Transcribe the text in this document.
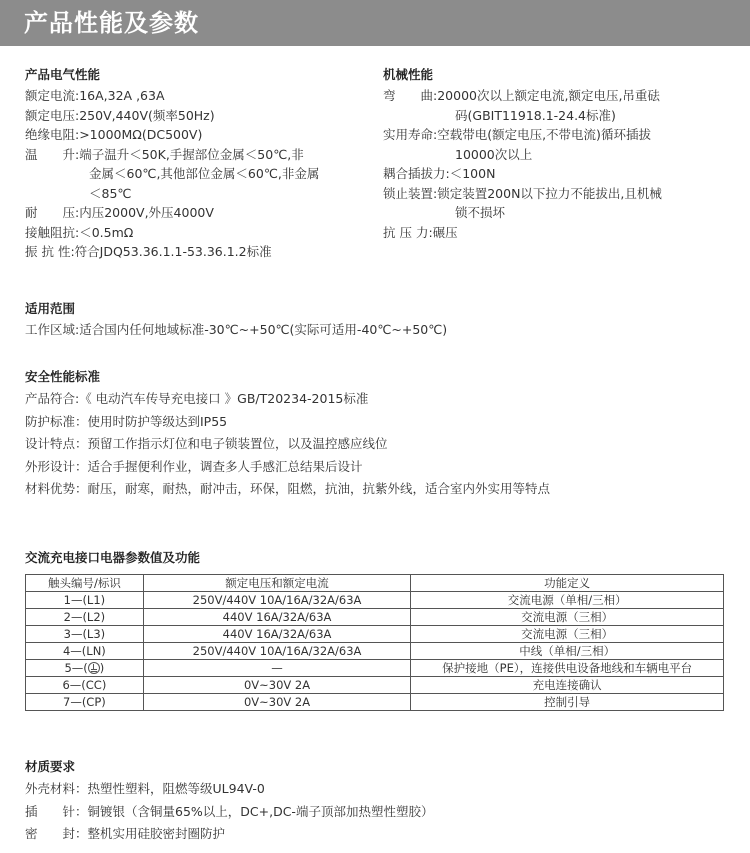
产品性能及参数
产品电气性能
额定电流:16A,32A ,63A
额定电压:250V,440V(频率50Hz)
绝缘电阻:>1000MΩ(DC500V)
温　　升:端子温升＜50K,手握部位金属＜50℃,非
金属＜60℃,其他部位金属＜60℃,非金属
＜85℃
耐　　压:内压2000V,外压4000V
接触阻抗:＜0.5mΩ
振 抗 性:符合JDQ53.36.1.1-53.36.1.2标准
机械性能
弯　　曲:20000次以上额定电流,额定电压,吊重砝
码(GBIT11918.1-24.4标准)
实用寿命:空载带电(额定电压,不带电流)循环插拔
10000次以上
耦合插拔力:＜100N
锁止装置:锁定装置200N以下拉力不能拔出,且机械
锁不损坏
抗 压 力:碾压
适用范围
工作区域:适合国内任何地域标准-30℃~+50℃(实际可适用-40℃~+50℃)
安全性能标准
产品符合:《 电动汽车传导充电接口 》GB/T20234-2015标准
防护标准：使用时防护等级达到IP55
设计特点：预留工作指示灯位和电子锁装置位，以及温控感应线位
外形设计：适合手握便利作业，调查多人手感汇总结果后设计
材料优势：耐压，耐寒，耐热，耐冲击，环保，阻燃，抗油，抗紫外线，适合室内外实用等特点
交流充电接口电器参数值及功能
触头编号/标识	额定电压和额定电流	功能定义
1—(L1)	250V/440V 10A/16A/32A/63A	交流电源（单相/三相）
2—(L2)	440V 16A/32A/63A	交流电源（三相）
3—(L3)	440V 16A/32A/63A	交流电源（三相）
4—(LN)	250V/440V 10A/16A/32A/63A	中线（单相/三相）
5—( )	—	保护接地（PE），连接供电设备地线和车辆电平台
6—(CC)	0V~30V 2A	充电连接确认
7—(CP)	0V~30V 2A	控制引导
材质要求
外壳材料：热塑性塑料，阻燃等级UL94V-0
插　　针：铜镀银（含铜量65%以上，DC+,DC-端子顶部加热塑性塑胶）
密　　封：整机实用硅胶密封圈防护
